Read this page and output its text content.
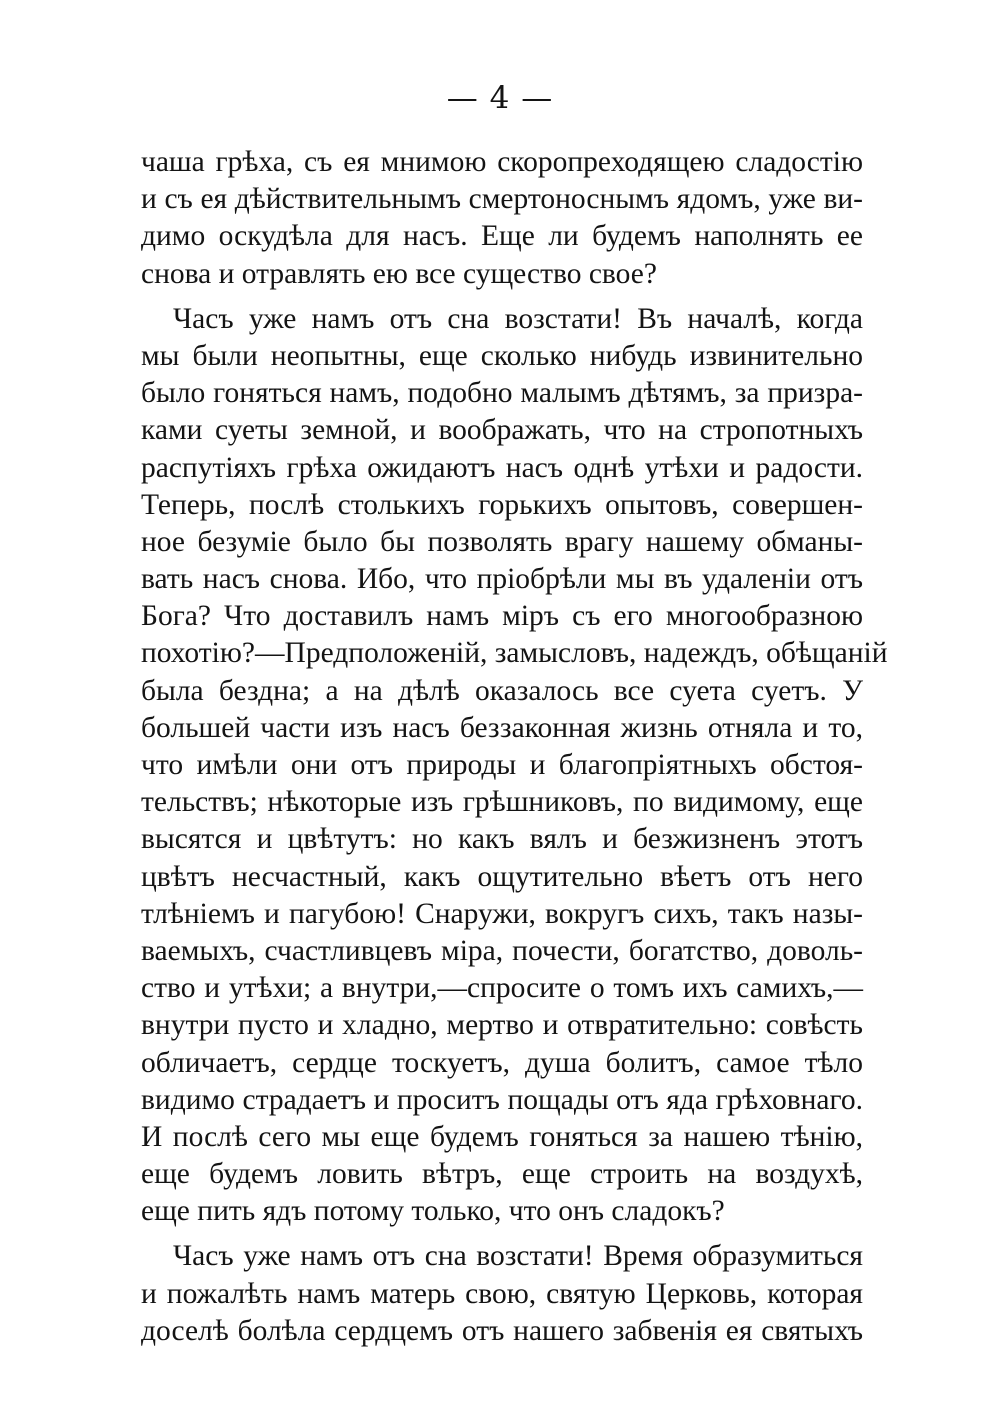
— 4 —
чаша грѣха, съ ея мнимою скоропреходящею сладостію
и съ ея дѣйствительнымъ смертоноснымъ ядомъ, уже ви-
димо оскудѣла для насъ. Еще ли будемъ наполнять ее
снова и отравлять ею все существо свое?
Часъ уже намъ отъ сна возстати! Въ началѣ, когда
мы были неопытны, еще сколько нибудь извинительно
было гоняться намъ, подобно малымъ дѣтямъ, за призра-
ками суеты земной, и воображать, что на стропотныхъ
распутіяхъ грѣха ожидаютъ насъ однѣ утѣхи и радости.
Теперь, послѣ столькихъ горькихъ опытовъ, совершен-
ное безуміе было бы позволять врагу нашему обманы-
вать насъ снова. Ибо, что пріобрѣли мы въ удаленіи отъ
Бога? Что доставилъ намъ міръ съ его многообразною
похотію?—Предположеній, замысловъ, надеждъ, обѣщаній
была бездна; а на дѣлѣ оказалось все суета суетъ. У
большей части изъ насъ беззаконная жизнь отняла и то,
что имѣли они отъ природы и благопріятныхъ обстоя-
тельствъ; нѣкоторые изъ грѣшниковъ, по видимому, еще
высятся и цвѣтутъ: но какъ вялъ и безжизненъ этотъ
цвѣтъ несчастный, какъ ощутительно вѣетъ отъ него
тлѣніемъ и пагубою! Снаружи, вокругъ сихъ, такъ назы-
ваемыхъ, счастливцевъ міра, почести, богатство, доволь-
ство и утѣхи; а внутри,—спросите о томъ ихъ самихъ,—
внутри пусто и хладно, мертво и отвратительно: совѣсть
обличаетъ, сердце тоскуетъ, душа болитъ, самое тѣло
видимо страдаетъ и проситъ пощады отъ яда грѣховнаго.
И послѣ сего мы еще будемъ гоняться за нашею тѣнію,
еще будемъ ловить вѣтръ, еще строить на воздухѣ,
еще пить ядъ потому только, что онъ сладокъ?
Часъ уже намъ отъ сна возстати! Время образумиться
и пожалѣть намъ матерь свою, святую Церковь, которая
доселѣ болѣла сердцемъ отъ нашего забвенія ея святыхъ
